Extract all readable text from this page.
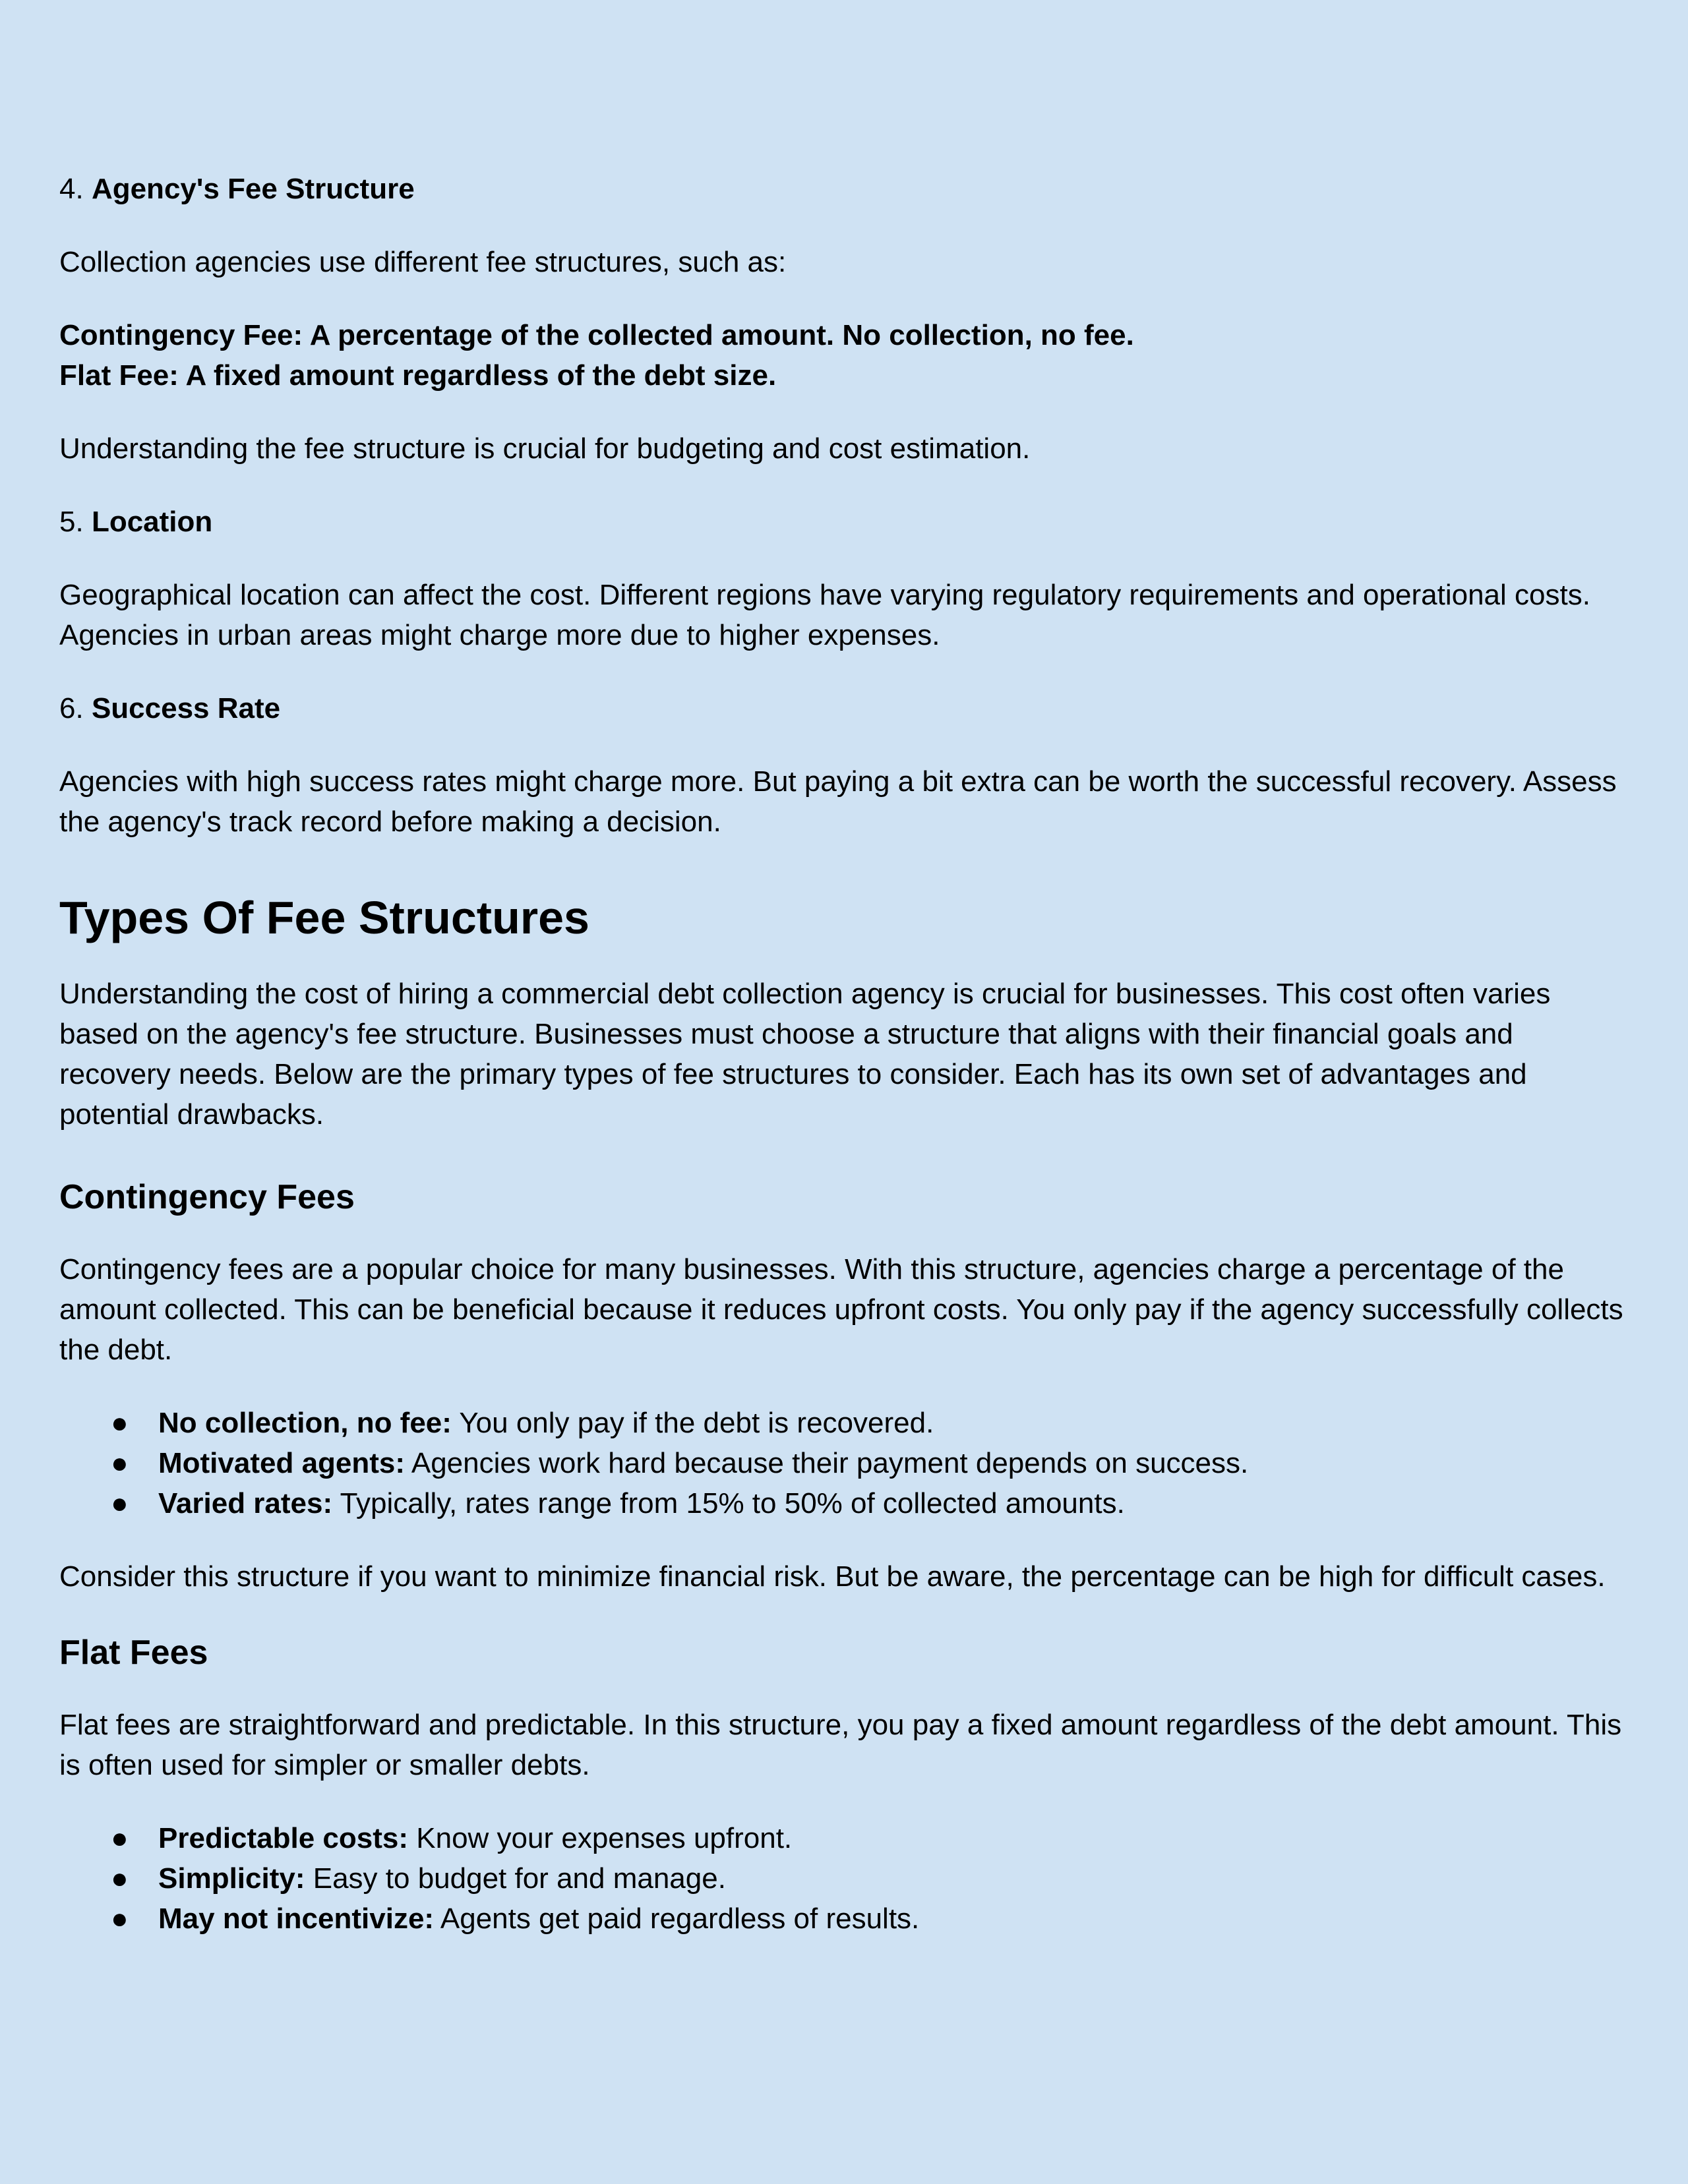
4. Agency's Fee Structure

Collection agencies use different fee structures, such as:

Contingency Fee: A percentage of the collected amount. No collection, no fee.
Flat Fee: A fixed amount regardless of the debt size.

Understanding the fee structure is crucial for budgeting and cost estimation.

5. Location

Geographical location can affect the cost. Different regions have varying regulatory requirements and operational costs. Agencies in urban areas might charge more due to higher expenses.

6. Success Rate

Agencies with high success rates might charge more. But paying a bit extra can be worth the successful recovery. Assess the agency's track record before making a decision.

Types Of Fee Structures

Understanding the cost of hiring a commercial debt collection agency is crucial for businesses. This cost often varies based on the agency's fee structure. Businesses must choose a structure that aligns with their financial goals and recovery needs. Below are the primary types of fee structures to consider. Each has its own set of advantages and potential drawbacks.

Contingency Fees

Contingency fees are a popular choice for many businesses. With this structure, agencies charge a percentage of the amount collected. This can be beneficial because it reduces upfront costs. You only pay if the agency successfully collects the debt.

● No collection, no fee: You only pay if the debt is recovered.
● Motivated agents: Agencies work hard because their payment depends on success.
● Varied rates: Typically, rates range from 15% to 50% of collected amounts.

Consider this structure if you want to minimize financial risk. But be aware, the percentage can be high for difficult cases.

Flat Fees

Flat fees are straightforward and predictable. In this structure, you pay a fixed amount regardless of the debt amount. This is often used for simpler or smaller debts.

● Predictable costs: Know your expenses upfront.
● Simplicity: Easy to budget for and manage.
● May not incentivize: Agents get paid regardless of results.
